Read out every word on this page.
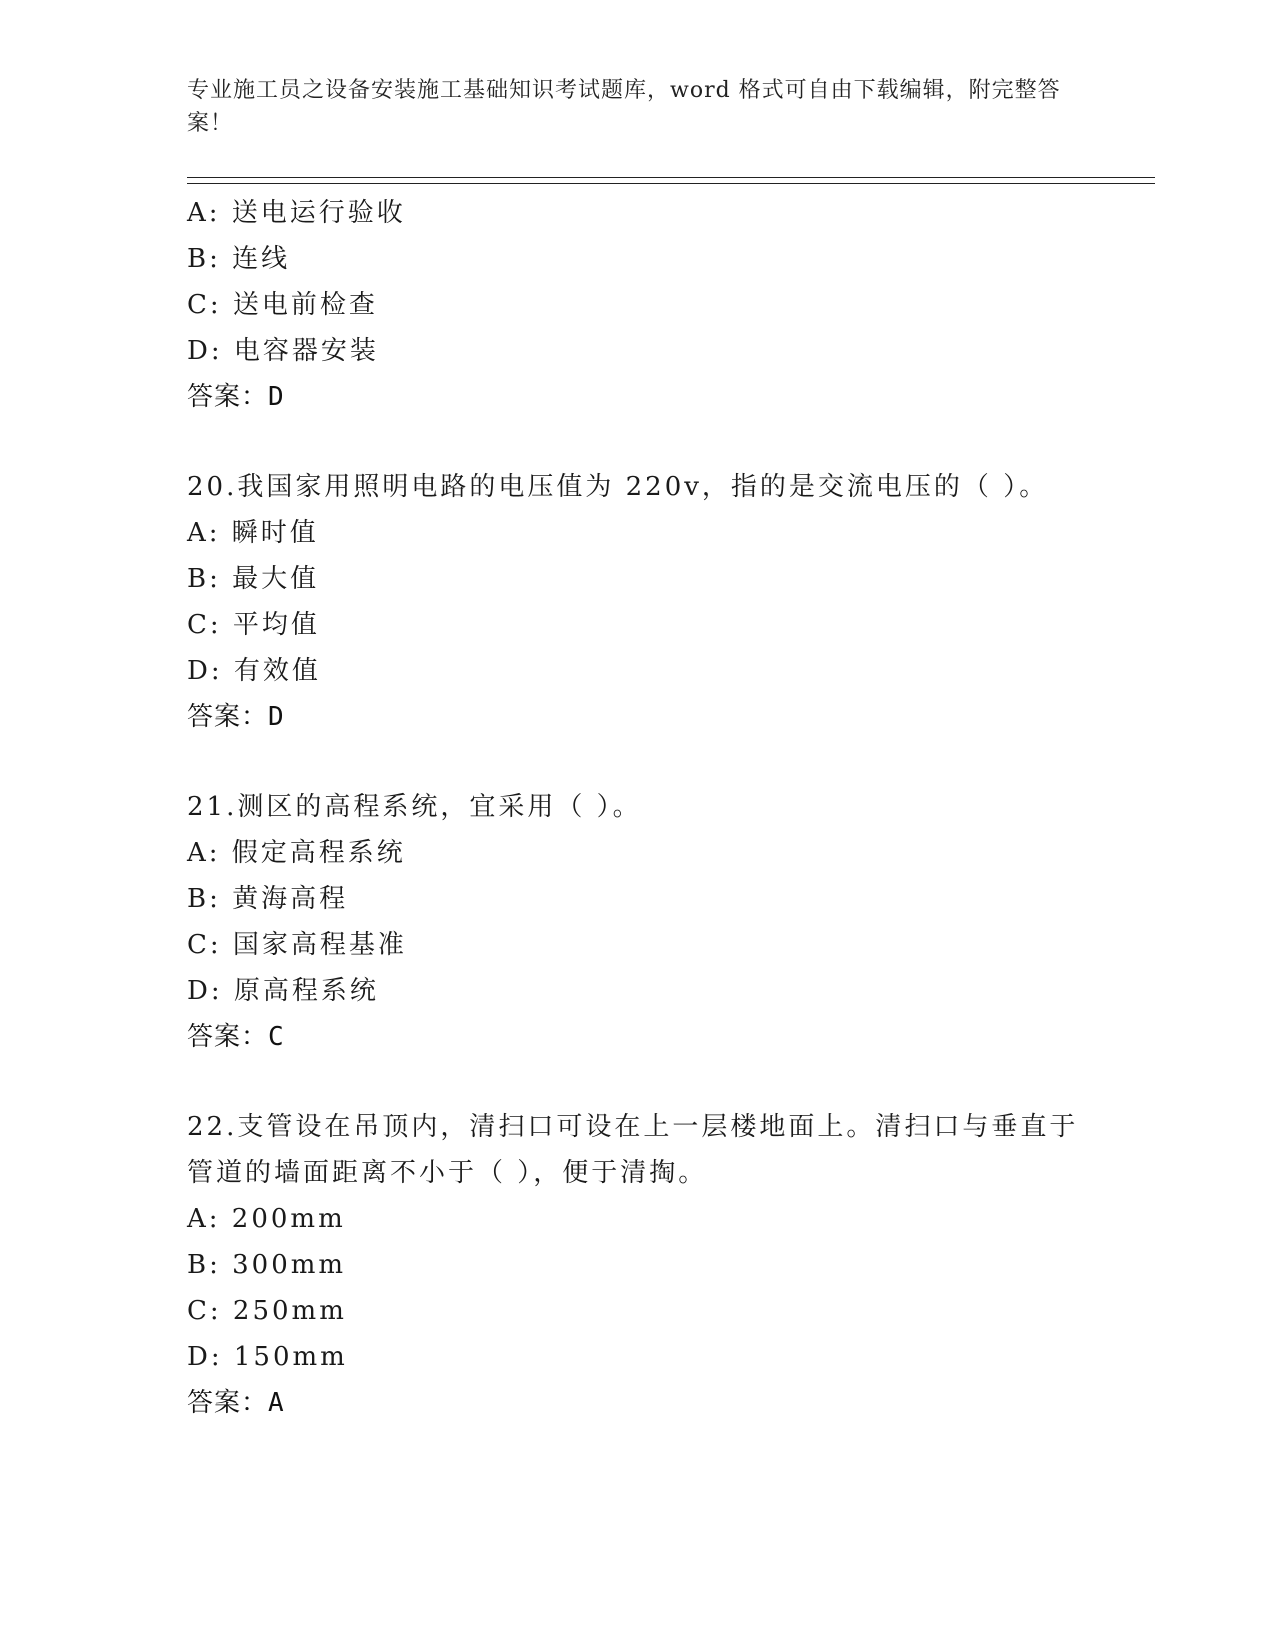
专业施工员之设备安装施工基础知识考试题库，word 格式可自由下载编辑，附完整答案！
A: 送电运行验收
B: 连线
C: 送电前检查
D: 电容器安装
答案：D
20.我国家用照明电路的电压值为 220v，指的是交流电压的（ ）。
A: 瞬时值
B: 最大值
C: 平均值
D: 有效值
答案：D
21.测区的高程系统，宜采用（ ）。
A: 假定高程系统
B: 黄海高程
C: 国家高程基准
D: 原高程系统
答案：C
22.支管设在吊顶内，清扫口可设在上一层楼地面上。清扫口与垂直于
管道的墙面距离不小于（ ），便于清掏。
A: 200mm
B: 300mm
C: 250mm
D: 150mm
答案：A
